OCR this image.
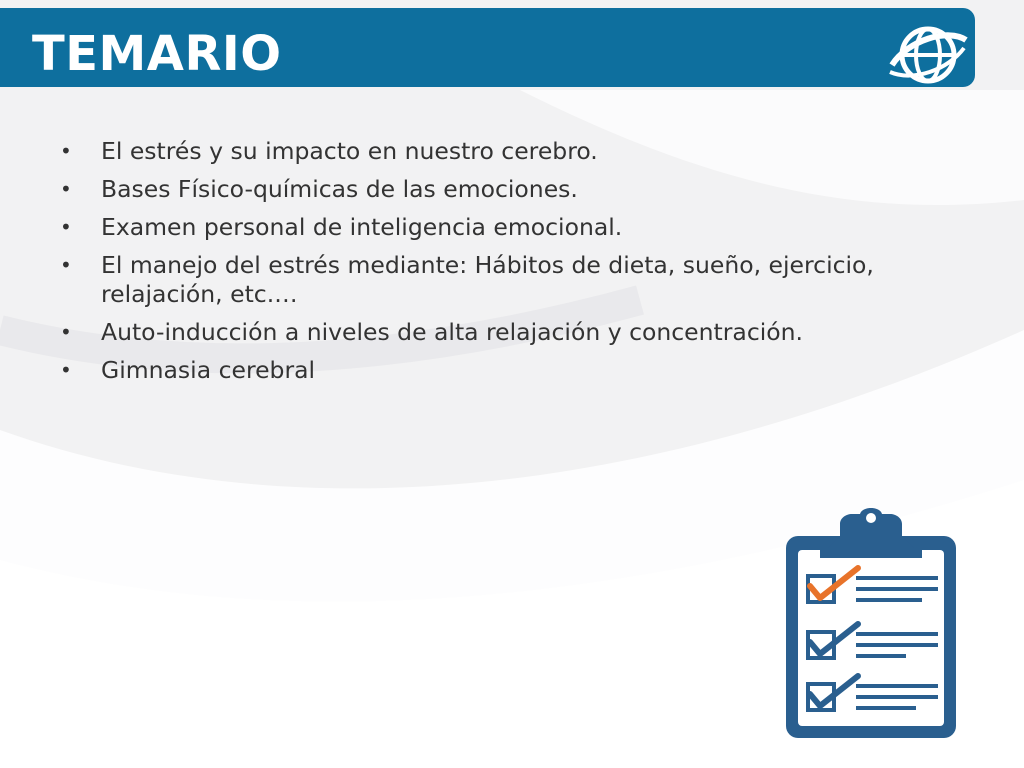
TEMARIO
•	El estrés y su impacto en nuestro cerebro.
•	Bases Físico-químicas de las emociones.
•	Examen personal de inteligencia emocional.
•	El manejo del estrés mediante: Hábitos de dieta, sueño, ejercicio, relajación, etc.…
•	Auto-inducción a niveles de alta relajación y concentración.
•	Gimnasia cerebral
